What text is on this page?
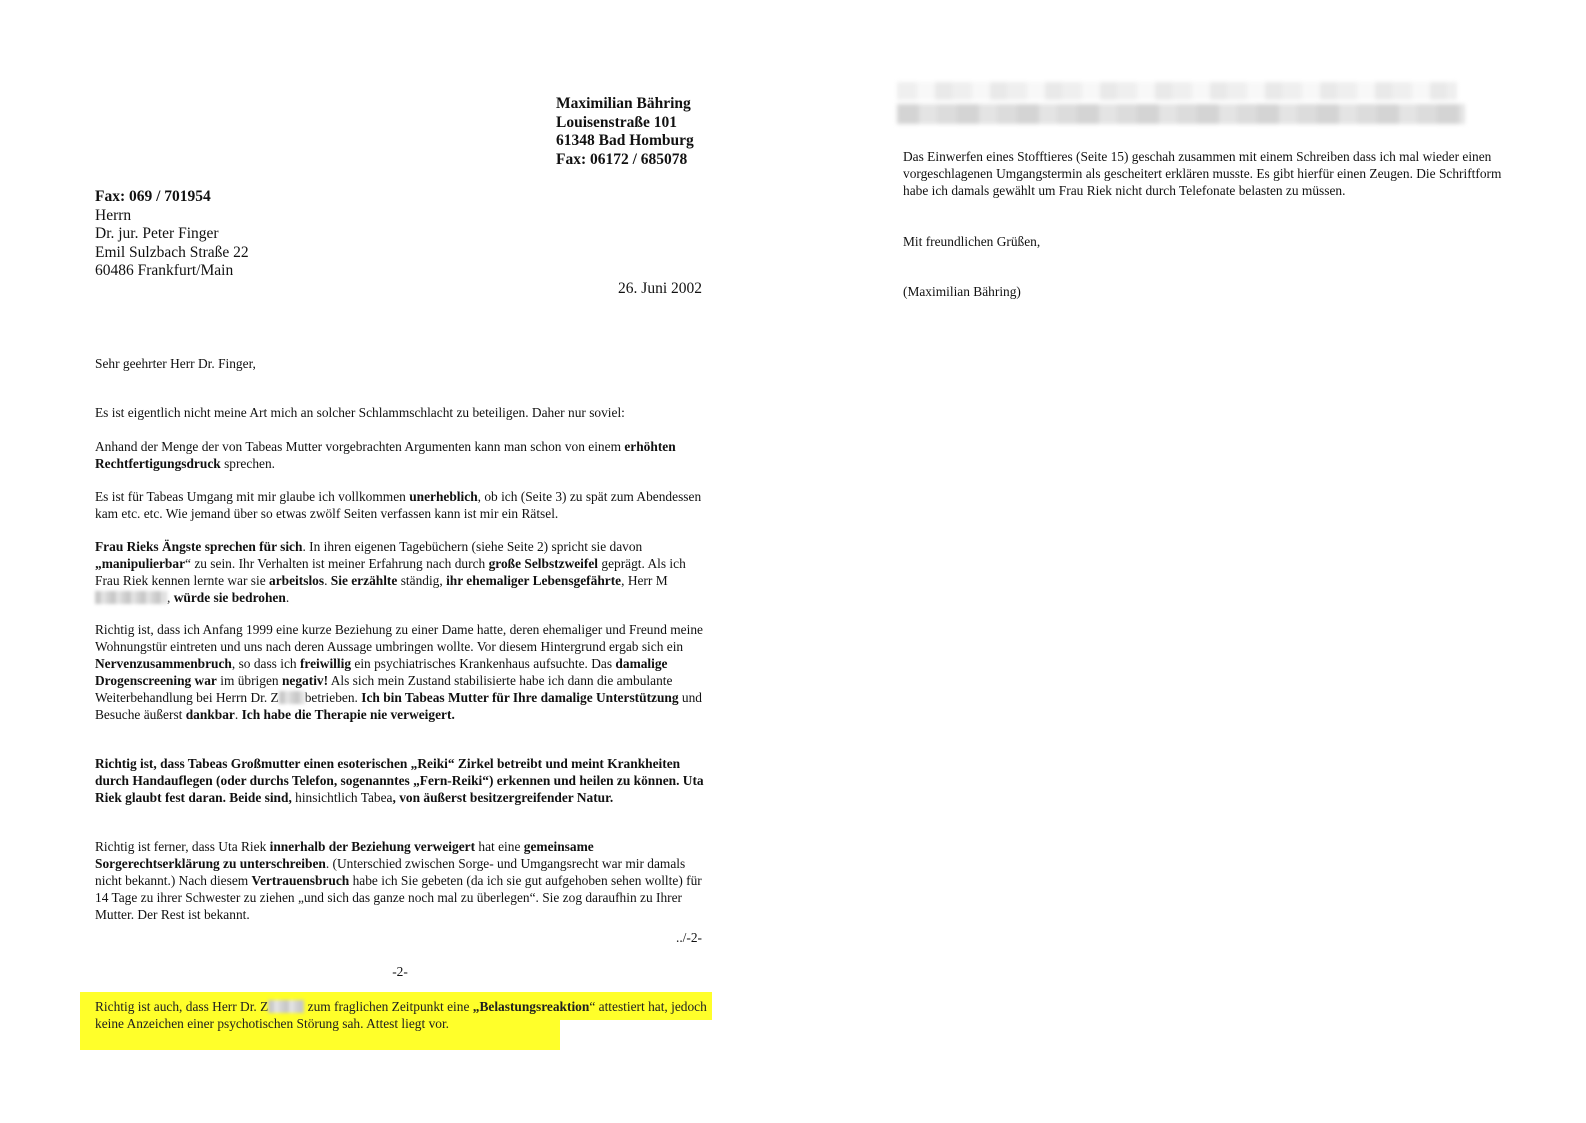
Maximilian Bähring
Louisenstraße 101
61348 Bad Homburg
Fax: 06172 / 685078
Fax: 069 / 701954
Herrn
Dr. jur. Peter Finger
Emil Sulzbach Straße 22
60486 Frankfurt/Main
26. Juni 2002

Sehr geehrter Herr Dr. Finger,

Es ist eigentlich nicht meine Art mich an solcher Schlammschlacht zu beteiligen. Daher nur soviel:

Anhand der Menge der von Tabeas Mutter vorgebrachten Argumenten kann man schon von einem erhöhten Rechtfertigungsdruck sprechen.

Es ist für Tabeas Umgang mit mir glaube ich vollkommen unerheblich, ob ich (Seite 3) zu spät zum Abendessen kam etc. etc. Wie jemand über so etwas zwölf Seiten verfassen kann ist mir ein Rätsel.

Frau Rieks Ängste sprechen für sich. In ihren eigenen Tagebüchern (siehe Seite 2) spricht sie davon „manipulierbar“ zu sein. Ihr Verhalten ist meiner Erfahrung nach durch große Selbstzweifel geprägt. Als ich Frau Riek kennen lernte war sie arbeitslos. Sie erzählte ständig, ihr ehemaliger Lebensgefährte, Herr M, würde sie bedrohen.

Richtig ist, dass ich Anfang 1999 eine kurze Beziehung zu einer Dame hatte, deren ehemaliger und Freund meine Wohnungstür eintreten und uns nach deren Aussage umbringen wollte. Vor diesem Hintergrund ergab sich ein Nervenzusammenbruch, so dass ich freiwillig ein psychiatrisches Krankenhaus aufsuchte. Das damalige Drogenscreening war im übrigen negativ! Als sich mein Zustand stabilisierte habe ich dann die ambulante Weiterbehandlung bei Herrn Dr. Z betrieben. Ich bin Tabeas Mutter für Ihre damalige Unterstützung und Besuche äußerst dankbar. Ich habe die Therapie nie verweigert.

Richtig ist, dass Tabeas Großmutter einen esoterischen „Reiki“ Zirkel betreibt und meint Krankheiten durch Handauflegen (oder durchs Telefon, sogenanntes „Fern-Reiki“) erkennen und heilen zu können. Uta Riek glaubt fest daran. Beide sind, hinsichtlich Tabea, von äußerst besitzergreifender Natur.

Richtig ist ferner, dass Uta Riek innerhalb der Beziehung verweigert hat eine gemeinsame Sorgerechtserklärung zu unterschreiben. (Unterschied zwischen Sorge- und Umgangsrecht war mir damals nicht bekannt.) Nach diesem Vertrauensbruch habe ich Sie gebeten (da ich sie gut aufgehoben sehen wollte) für 14 Tage zu ihrer Schwester zu ziehen „und sich das ganze noch mal zu überlegen“. Sie zog daraufhin zu Ihrer Mutter. Der Rest ist bekannt.

../-2-
-2-
Richtig ist auch, dass Herr Dr. Z	zum fraglichen Zeitpunkt eine „Belastungsreaktion“ attestiert hat, jedoch keine Anzeichen einer psychotischen Störung sah. Attest liegt vor.

Das Einwerfen eines Stofftieres (Seite 15) geschah zusammen mit einem Schreiben dass ich mal wieder einen vorgeschlagenen Umgangstermin als gescheitert erklären musste. Es gibt hierfür einen Zeugen. Die Schriftform habe ich damals gewählt um Frau Riek nicht durch Telefonate belasten zu müssen.

Mit freundlichen Grüßen,

(Maximilian Bähring)
